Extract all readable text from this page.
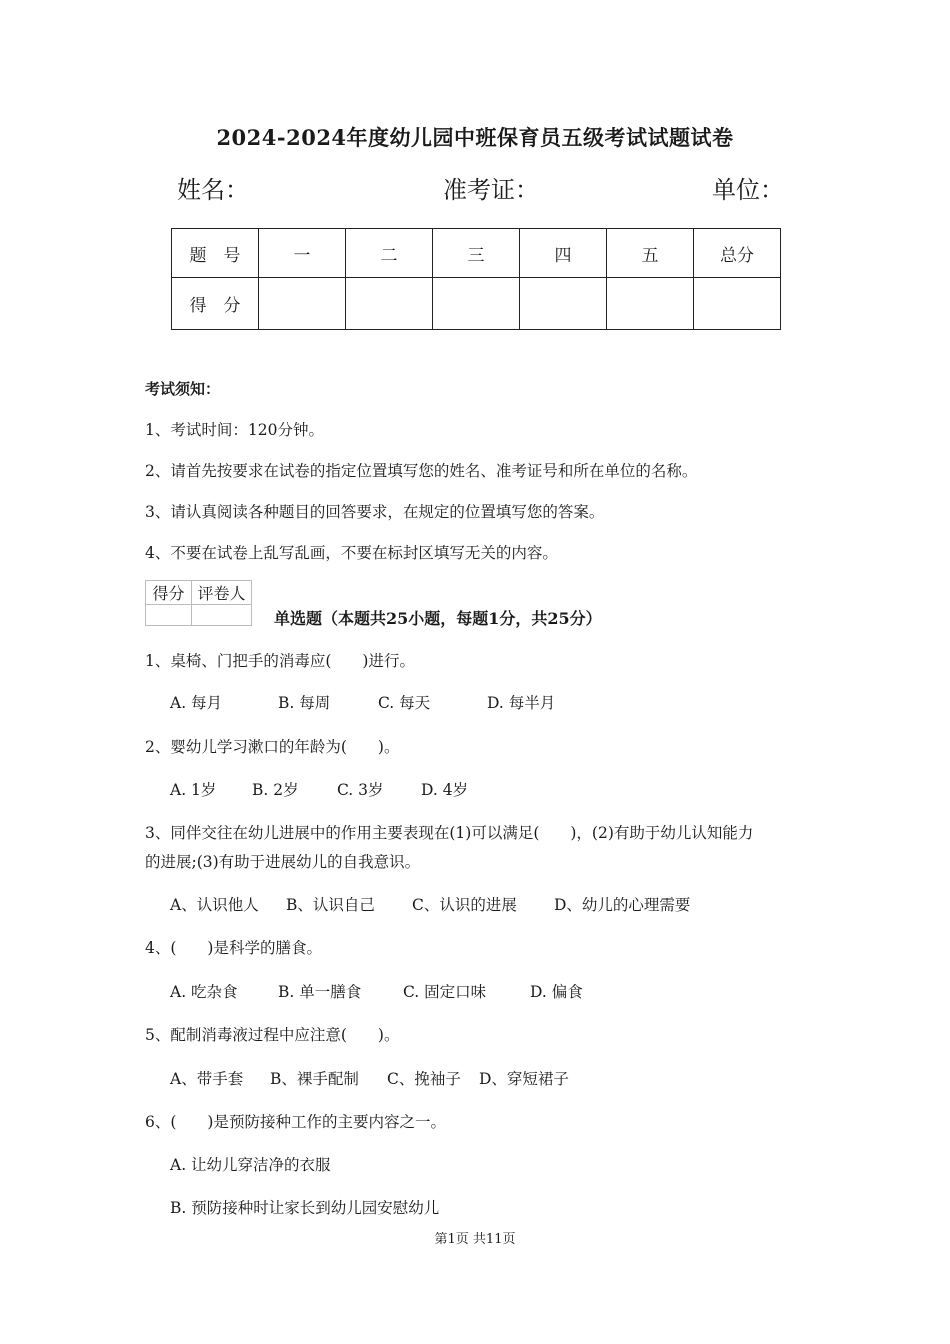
2024-2024年度幼儿园中班保育员五级考试试题试卷
姓名：	准考证：	单位：
题　号	一	二	三	四	五	总分
得　分						
考试须知：
1、考试时间：120分钟。
2、请首先按要求在试卷的指定位置填写您的姓名、准考证号和所在单位的名称。
3、请认真阅读各种题目的回答要求，在规定的位置填写您的答案。
4、不要在试卷上乱写乱画，不要在标封区填写无关的内容。
得分	评卷人

单选题（本题共25小题，每题1分，共25分）
1、桌椅、门把手的消毒应(　　)进行。
A. 每月	B. 每周	C. 每天	D. 每半月
2、婴幼儿学习漱口的年龄为(　　)。
A. 1岁 B. 2岁 C. 3岁 D. 4岁
3、同伴交往在幼儿进展中的作用主要表现在(1)可以满足(　　)，(2)有助于幼儿认知能力
的进展;(3)有助于进展幼儿的自我意识。
A、认识他人 B、认识自己 C、认识的进展 D、幼儿的心理需要
4、(　　)是科学的膳食。
A. 吃杂食	B. 单一膳食	C. 固定口味	D. 偏食
5、配制消毒液过程中应注意(　　)。
A、带手套 B、裸手配制 C、挽袖子 D、穿短裙子
6、(　　)是预防接种工作的主要内容之一。
A. 让幼儿穿洁净的衣服
B. 预防接种时让家长到幼儿园安慰幼儿
第1页 共11页
